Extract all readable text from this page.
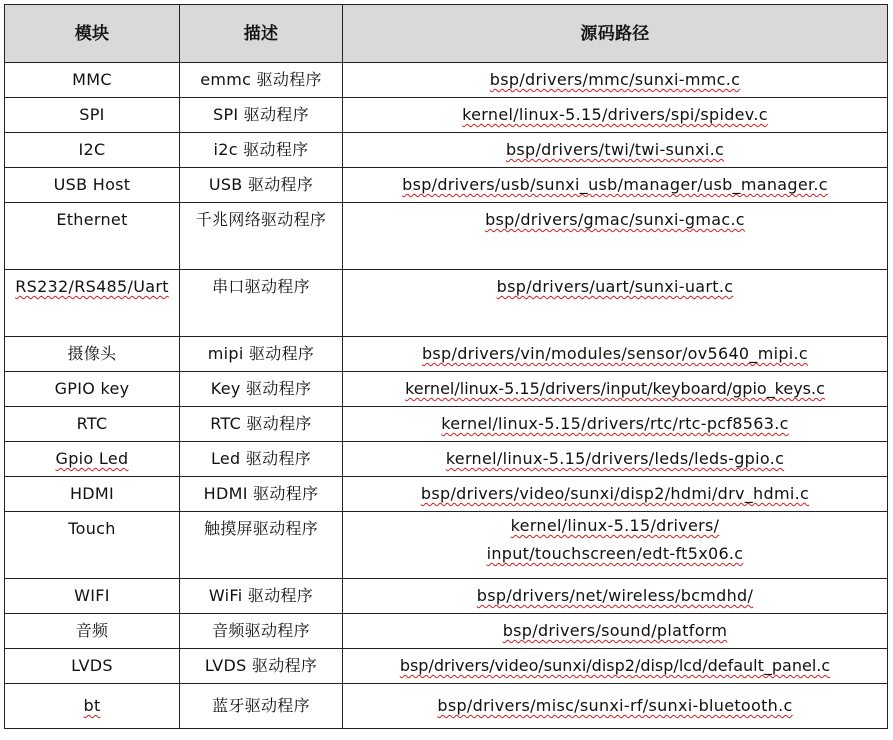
模块	描述	源码路径
MMC	emmc 驱动程序	bsp/drivers/mmc/sunxi-mmc.c
SPI	SPI 驱动程序	kernel/linux-5.15/drivers/spi/spidev.c
I2C	i2c 驱动程序	bsp/drivers/twi/twi-sunxi.c
USB Host	USB 驱动程序	bsp/drivers/usb/sunxi_usb/manager/usb_manager.c
Ethernet	千兆网络驱动程序	bsp/drivers/gmac/sunxi-gmac.c
RS232/RS485/Uart	串口驱动程序	bsp/drivers/uart/sunxi-uart.c
摄像头	mipi 驱动程序	bsp/drivers/vin/modules/sensor/ov5640_mipi.c
GPIO key	Key 驱动程序	kernel/linux-5.15/drivers/input/keyboard/gpio_keys.c
RTC	RTC 驱动程序	kernel/linux-5.15/drivers/rtc/rtc-pcf8563.c
Gpio Led	Led 驱动程序	kernel/linux-5.15/drivers/leds/leds-gpio.c
HDMI	HDMI 驱动程序	bsp/drivers/video/sunxi/disp2/hdmi/drv_hdmi.c
Touch	触摸屏驱动程序	kernel/linux-5.15/drivers/ input/touchscreen/edt-ft5x06.c
WIFI	WiFi 驱动程序	bsp/drivers/net/wireless/bcmdhd/
音频	音频驱动程序	bsp/drivers/sound/platform
LVDS	LVDS 驱动程序	bsp/drivers/video/sunxi/disp2/disp/lcd/default_panel.c
bt	蓝牙驱动程序	bsp/drivers/misc/sunxi-rf/sunxi-bluetooth.c
